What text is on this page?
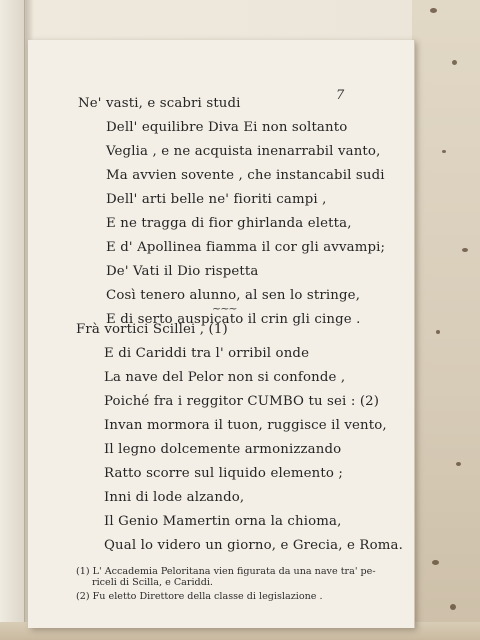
7
Ne' vasti, e scabri studi
Dell' equilibre Diva Ei non soltanto
Veglia , e ne acquista inenarrabil vanto,
Ma avvien sovente , che instancabil sudi
Dell' arti belle ne' fioriti campi ,
E ne tragga di fior ghirlanda eletta,
E d' Apollinea fiamma il cor gli avvampi;
De' Vati il Dio rispetta
Così tenero alunno, al sen lo stringe,
E di serto auspicato il crin gli cinge .
~~~
Frà vortici Scillei , (1)
E di Cariddi tra l' orribil onde
La nave del Pelor non si confonde ,
Poiché fra i reggitor CUMBO tu sei : (2)
Invan mormora il tuon, ruggisce il vento,
Il legno dolcemente armonizzando
Ratto scorre sul liquido elemento ;
Inni di lode alzando,
Il Genio Mamertin orna la chioma,
Qual lo videro un giorno, e Grecia, e Roma.
(1) L' Accademia Peloritana vien figurata da una nave tra' pe-
riceli di Scilla, e Cariddi.
(2) Fu eletto Direttore della classe di legislazione .
